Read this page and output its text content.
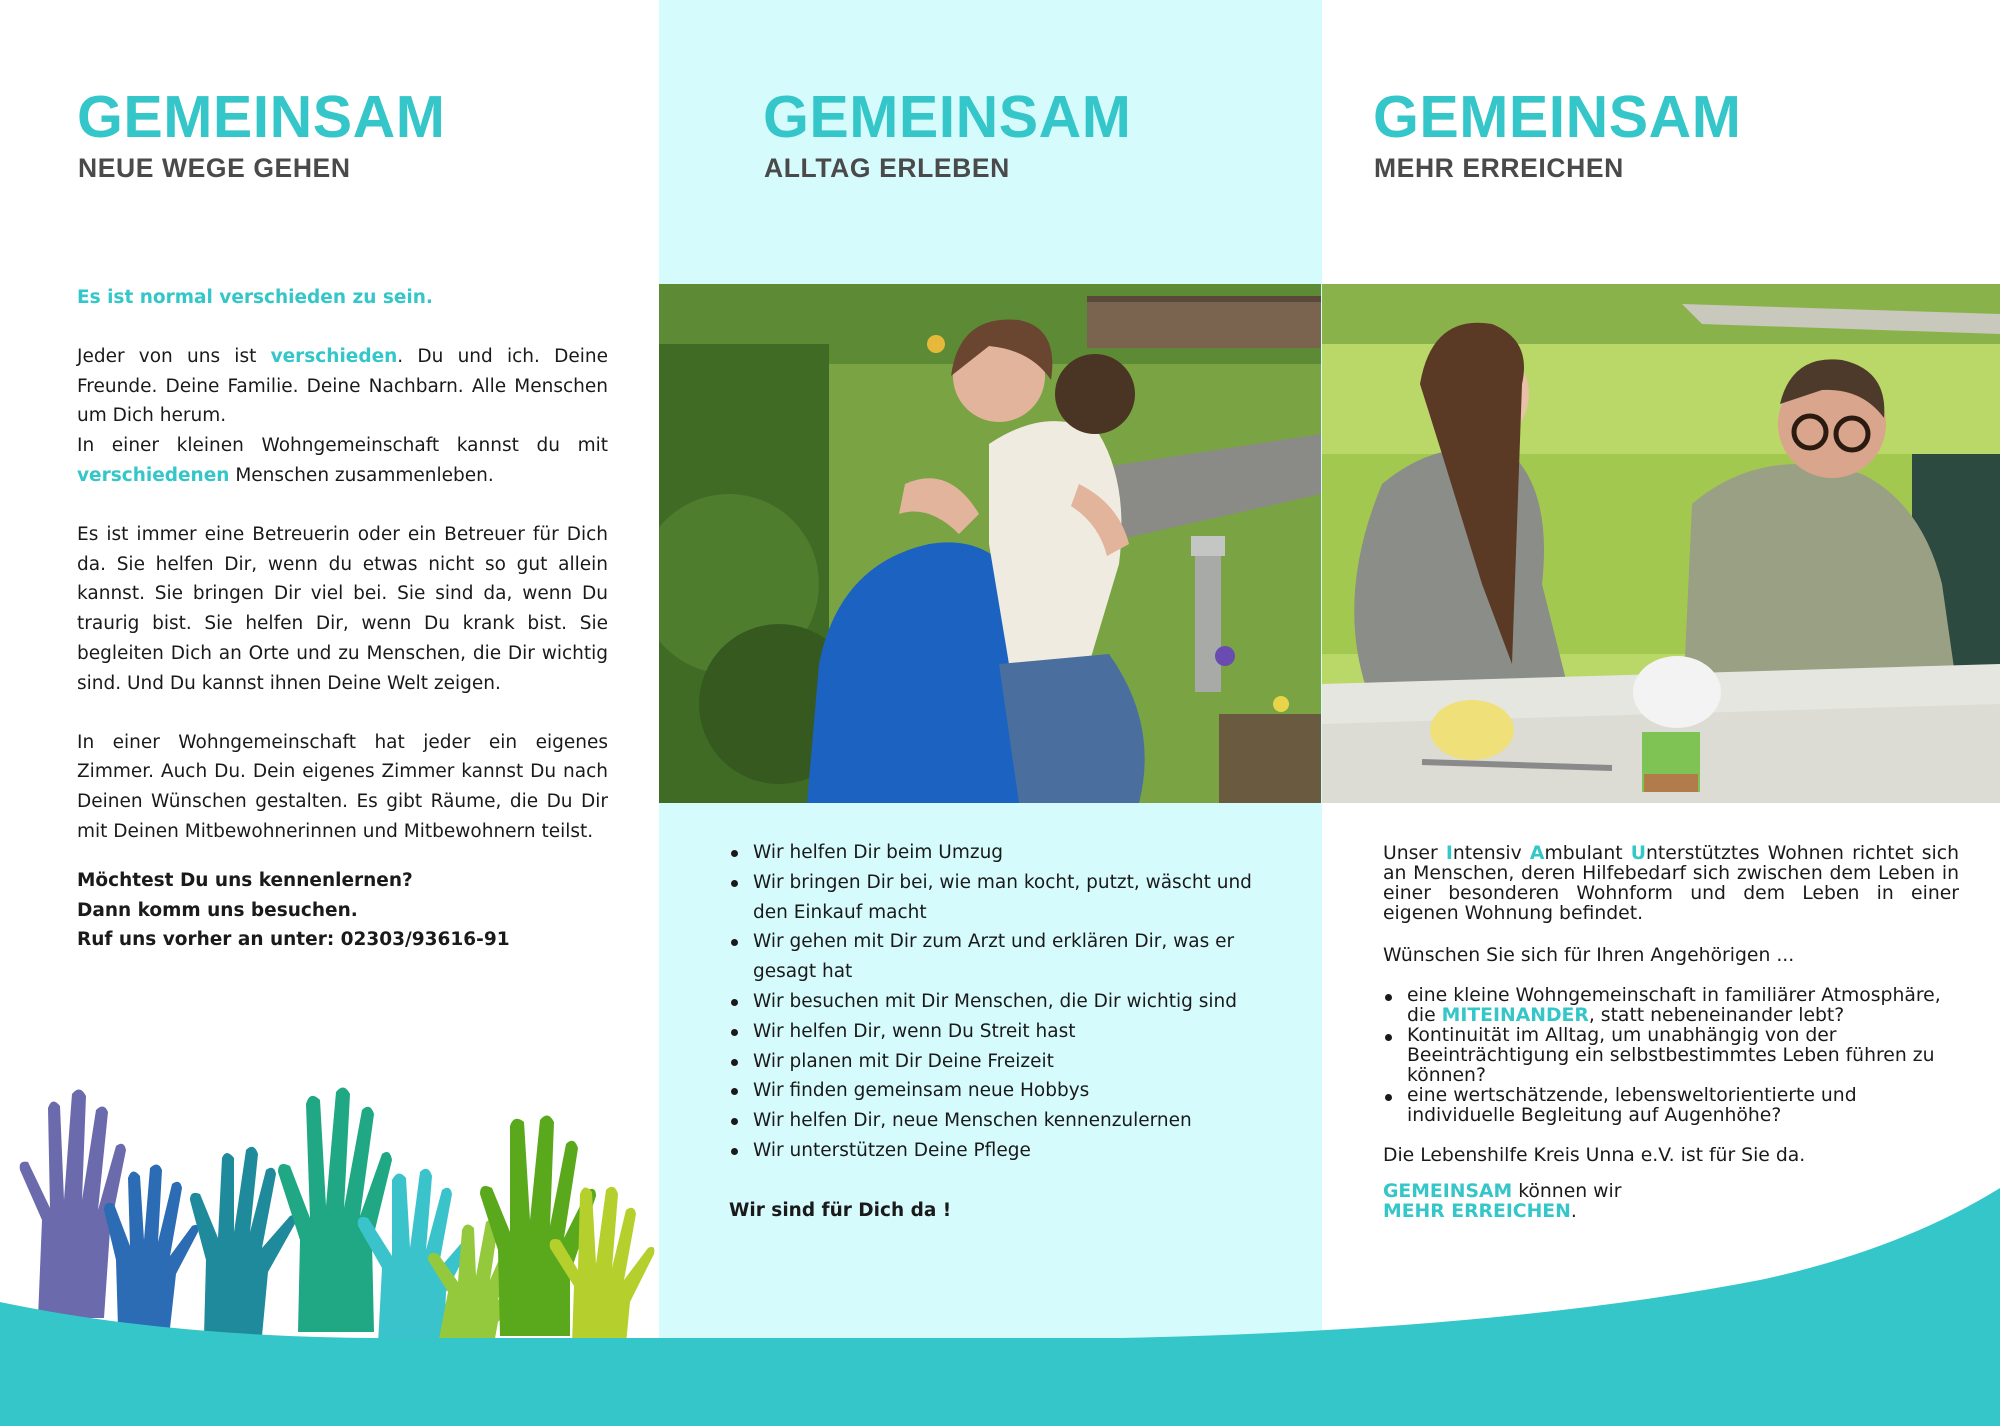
GEMEINSAM
NEUE WEGE GEHEN
Es ist normal verschieden zu sein.

Jeder von uns ist verschieden. Du und ich. Deine Freunde. Deine Familie. Deine Nachbarn. Alle Menschen um Dich herum.

In einer kleinen Wohngemeinschaft kannst du mit verschiedenen Menschen zusammenleben.

Es ist immer eine Betreuerin oder ein Betreuer für Dich da. Sie helfen Dir, wenn du etwas nicht so gut allein kannst. Sie bringen Dir viel bei. Sie sind da, wenn Du traurig bist. Sie helfen Dir, wenn Du krank bist. Sie begleiten Dich an Orte und zu Menschen, die Dir wichtig sind. Und Du kannst ihnen Deine Welt zeigen.

In einer Wohngemeinschaft hat jeder ein eigenes Zimmer. Auch Du. Dein eigenes Zimmer kannst Du nach Deinen Wünschen gestalten. Es gibt Räume, die Du Dir mit Deinen Mitbewohnerinnen und Mitbewohnern teilst.

Möchtest Du uns kennenlernen?
Dann komm uns besuchen.
Ruf uns vorher an unter: 02303/93616-91
GEMEINSAM
ALLTAG ERLEBEN
Wir helfen Dir beim Umzug
Wir bringen Dir bei, wie man kocht, putzt, wäscht und den Einkauf macht
Wir gehen mit Dir zum Arzt und erklären Dir, was er gesagt hat
Wir besuchen mit Dir Menschen, die Dir wichtig sind
Wir helfen Dir, wenn Du Streit hast
Wir planen mit Dir Deine Freizeit
Wir finden gemeinsam neue Hobbys
Wir helfen Dir, neue Menschen kennenzulernen
Wir unterstützen Deine Pflege
Wir sind für Dich da !
GEMEINSAM
MEHR ERREICHEN

Unser Intensiv Ambulant Unterstütztes Wohnen richtet sich an Menschen, deren Hilfebedarf sich zwischen dem Leben in einer besonderen Wohnform und dem Leben in einer eigenen Wohnung befindet.

Wünschen Sie sich für Ihren Angehörigen ...

eine kleine Wohngemeinschaft in familiärer Atmosphäre, die MITEINANDER, statt nebeneinander lebt?
Kontinuität im Alltag, um unabhängig von der Beeinträchtigung ein selbstbestimmtes Leben führen zu können?
eine wertschätzende, lebensweltorientierte und individuelle Begleitung auf Augenhöhe?

Die Lebenshilfe Kreis Unna e.V. ist für Sie da.

GEMEINSAM können wir

MEHR ERREICHEN.
